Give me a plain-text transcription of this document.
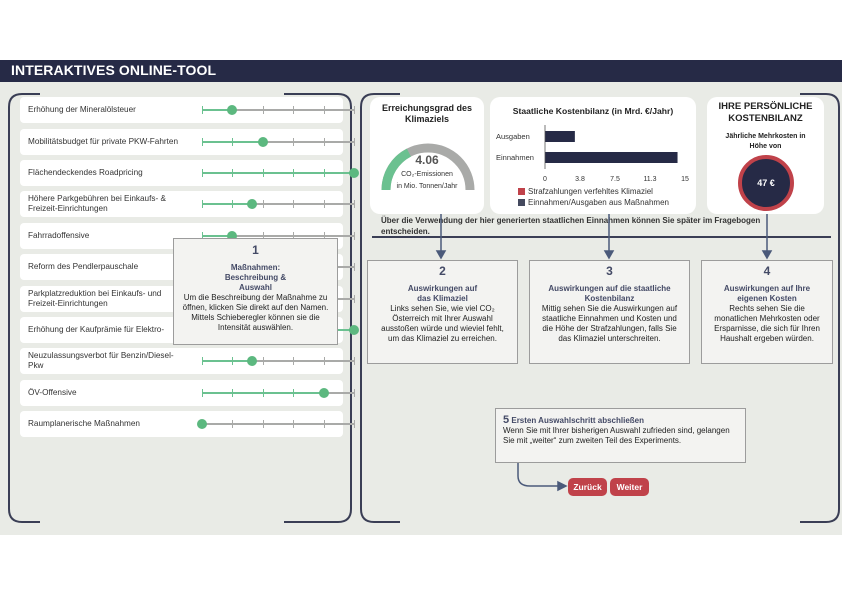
INTERAKTIVES ONLINE-TOOL
Erhöhung der Mineralölsteuer
Mobilitätsbudget für private PKW-Fahrten
Flächendeckendes Roadpricing
Höhere Parkgebühren bei Einkaufs- & Freizeit-Einrichtungen
Fahrradoffensive
Reform des Pendlerpauschale
Parkplatzreduktion bei Einkaufs- und Freizeit-Einrichtungen
Erhöhung der Kaufprämie für Elektro-
Neuzulassungsverbot für Benzin/Diesel-Pkw
ÖV-Offensive
Raumplanerische Maßnahmen
Erreichungsgrad des Klimaziels
4.06
CO₂-Emissionen
in Mio. Tonnen/Jahr
Staatliche Kostenbilanz (in Mrd. €/Jahr)
Ausgaben
Einnahmen
0	3.8	7.5	11.3	15
Strafzahlungen verfehltes Klimaziel
Einnahmen/Ausgaben aus Maßnahmen
IHRE PERSÖNLICHE KOSTENBILANZ
Jährliche Mehrkosten in Höhe von
47 €
Über die Verwendung der hier generierten staatlichen Einnahmen können Sie später im Fragebogen entscheiden.
1
Maßnahmen: Beschreibung & Auswahl
Um die Beschreibung der Maßnahme zu öffnen, klicken Sie direkt auf den Namen. Mittels Schieberegler können sie die Intensität auswählen.
2
Auswirkungen auf das Klimaziel
Links sehen Sie, wie viel CO₂ Österreich mit Ihrer Auswahl ausstoßen würde und wieviel fehlt, um das Klimaziel zu erreichen.
3
Auswirkungen auf die staatliche Kostenbilanz
Mittig sehen Sie die Auswirkungen auf staatliche Einnahmen und Kosten und die Höhe der Strafzahlungen, falls Sie das Klimaziel unterschreiten.
4
Auswirkungen auf Ihre eigenen Kosten
Rechts sehen Sie die monatlichen Mehrkosten oder Ersparnisse, die sich für Ihren Haushalt ergeben würden.
5 Ersten Auswahlschritt abschließen
Wenn Sie mit Ihrer bisherigen Auswahl zufrieden sind, gelangen Sie mit „weiter“ zum zweiten Teil des Experiments.
Zurück	Weiter
